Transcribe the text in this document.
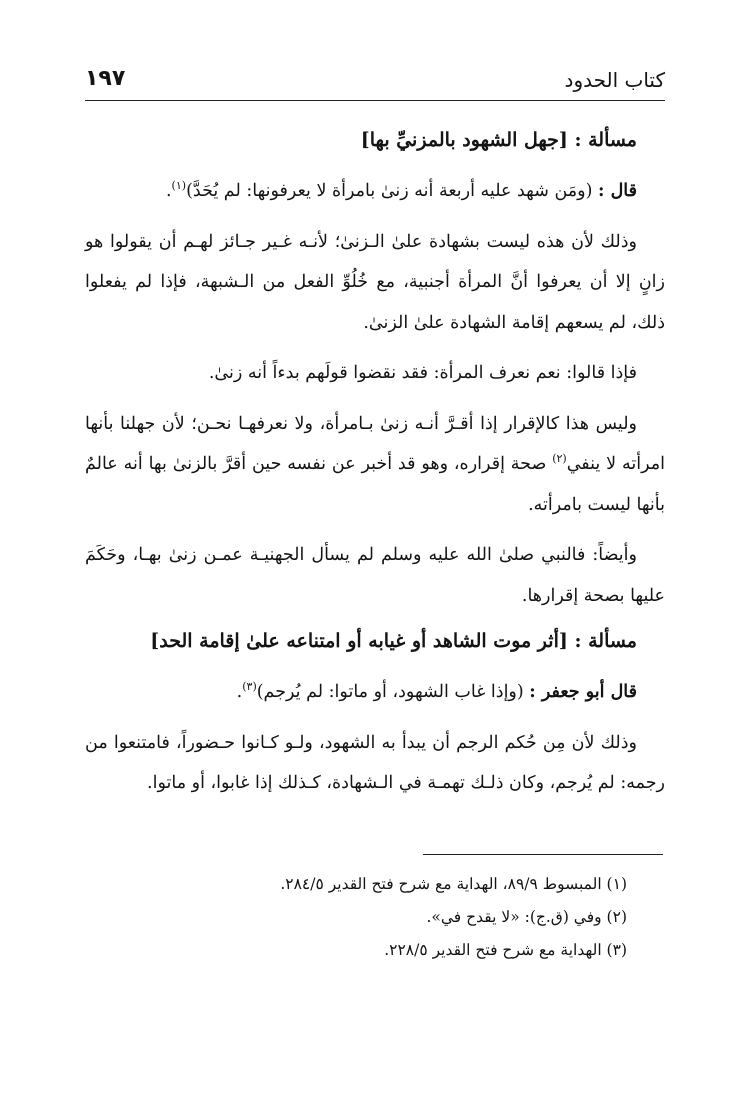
كتاب الحدود
١٩٧
مسألة : [جهل الشهود بالمزنيِّ بها]

قال : (ومَن شهد عليه أربعة أنه زنىٰ بامرأة لا يعرفونها: لم يُحَدَّ)$^{(١)}$.

وذلك لأن هذه ليست بشهادة علىٰ الـزنىٰ؛ لأنـه غـير جـائز لهـم أن يقولوا هو زانٍ إلا أن يعرفوا أنَّ المرأة أجنبية، مع خُلُوِّ الفعل من الـشبهة، فإذا لم يفعلوا ذلك، لم يسعهم إقامة الشهادة علىٰ الزنىٰ.

فإذا قالوا: نعم نعرف المرأة: فقد نقضوا قولَهم بدءاً أنه زنىٰ.

وليس هذا كالإقرار إذا أقـرَّ أنـه زنىٰ بـامرأة، ولا نعرفهـا نحـن؛ لأن جهلنا بأنها امرأته لا ينفي$^{(٢)}$ صحة إقراره، وهو قد أخبر عن نفسه حين أقرَّ بالزنىٰ بها أنه عالمٌ بأنها ليست بامرأته.

وأيضاً: فالنبي صلىٰ الله عليه وسلم لم يسأل الجهنيـة عمـن زنىٰ بهـا، وحَكَمَ عليها بصحة إقرارها.

مسألة : [أثر موت الشاهد أو غيابه أو امتناعه علىٰ إقامة الحد]

قال أبو جعفر : (وإذا غاب الشهود، أو ماتوا: لم يُرجم)$^{(٣)}$.

وذلك لأن مِن حُكم الرجم أن يبدأ به الشهود، ولـو كـانوا حـضوراً، فامتنعوا من رجمه: لم يُرجم، وكان ذلـك تهمـة في الـشهادة، كـذلك إذا غابوا، أو ماتوا.

(١) المبسوط ٨٩/٩، الهداية مع شرح فتح القدير ٢٨٤/٥.

(٢) وفي (ق.ج): «لا يقدح في».

(٣) الهداية مع شرح فتح القدير ٢٢٨/٥.
